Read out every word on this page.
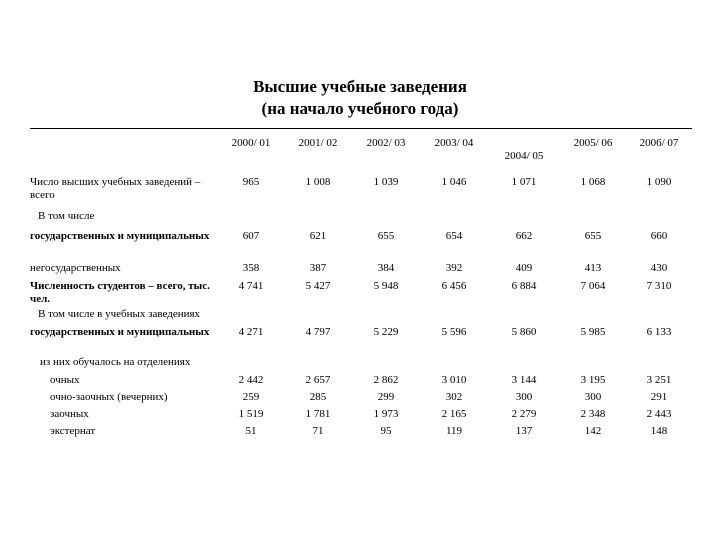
Высшие учебные заведения
(на начало учебного года)
	2000/ 01	2001/ 02	2002/ 03	2003/ 04	2004/ 05	2005/ 06	2006/ 07
Число высших учебных заведений – всего	965	1 008	1 039	1 046	1 071	1 068	1 090
В том числе							
государственных и муниципальных	607	621	655	654	662	655	660
негосударственных	358	387	384	392	409	413	430
Численность студентов – всего, тыс. чел.	4 741	5 427	5 948	6 456	6 884	7 064	7 310
В том числе в учебных заведениях							
государственных и муниципальных	4 271	4 797	5 229	5 596	5 860	5 985	6 133
из них обучалось на отделениях							
очных	2 442	2 657	2 862	3 010	3 144	3 195	3 251
очно-заочных (вечерних)	259	285	299	302	300	300	291
заочных	1 519	1 781	1 973	2 165	2 279	2 348	2 443
экстернат	51	71	95	119	137	142	148
